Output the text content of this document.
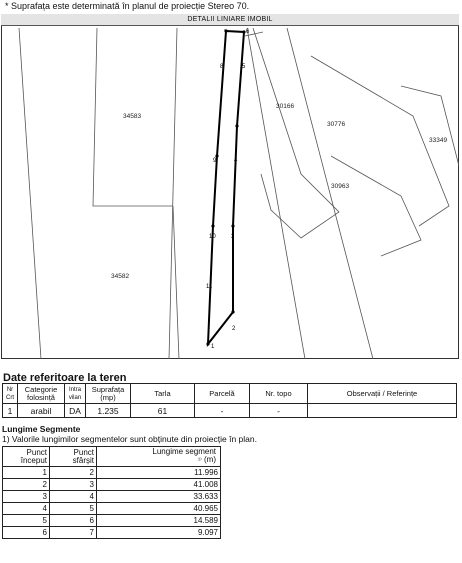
* Suprafața este determinată în planul de proiecție Stereo 70.
DETALII LINIARE IMOBIL
34583
30166
30776
33349
30963
34582
1
2
3
4
5
6
7
8
9
10
11
Date referitoare la teren
Nr Crt	Categorie folosință	Intra vilan	Suprafața (mp)	Tarla	Parcelă	Nr. topo	Observații / Referințe
1	arabil	DA	1.235	61	-	-	
Lungime Segmente
1) Valorile lungimilor segmentelor sunt obținute din proiecție în plan.
Punct început	Punct sfârșit	Lungime segment
¹⁾ (m)
1	2	11.996
2	3	41.008
3	4	33.633
4	5	40.965
5	6	14.589
6	7	9.097
